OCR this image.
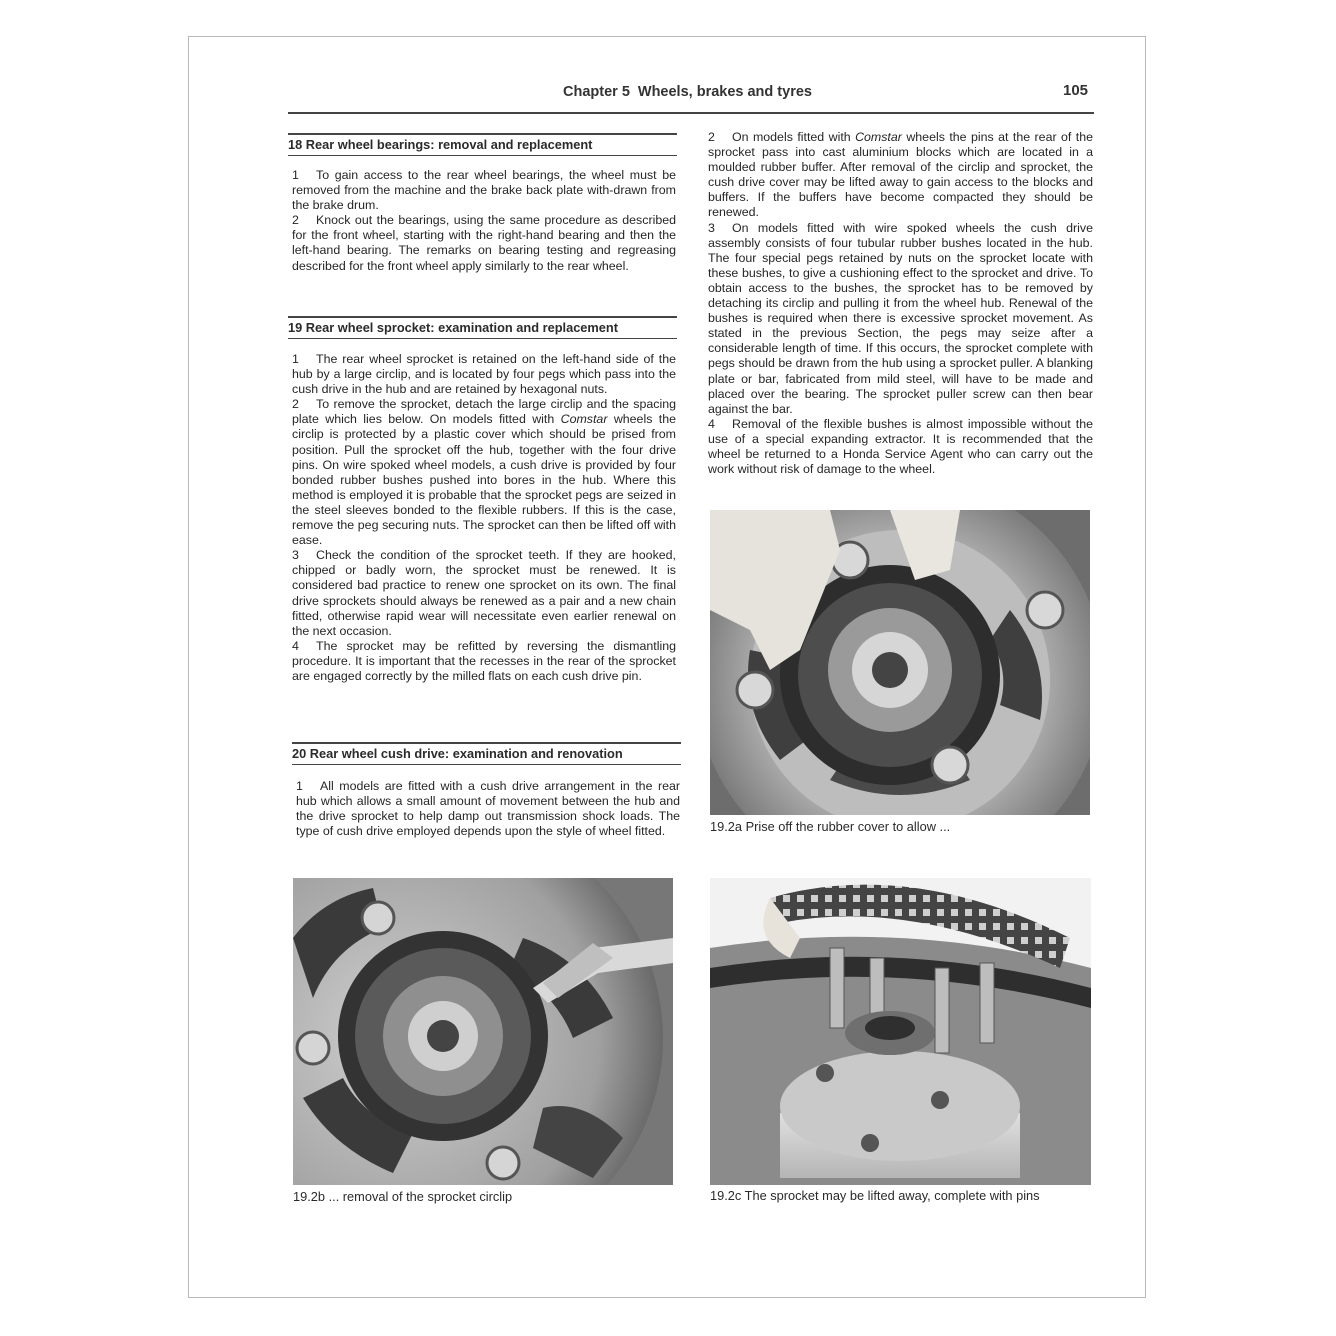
Chapter 5 Wheels, brakes and tyres	105
18 Rear wheel bearings: removal and replacement

1 To gain access to the rear wheel bearings, the wheel must be removed from the machine and the brake back plate with-drawn from the brake drum.

2 Knock out the bearings, using the same procedure as described for the front wheel, starting with the right-hand bearing and then the left-hand bearing. The remarks on bearing testing and regreasing described for the front wheel apply similarly to the rear wheel.

19 Rear wheel sprocket: examination and replacement

1 The rear wheel sprocket is retained on the left-hand side of the hub by a large circlip, and is located by four pegs which pass into the cush drive in the hub and are retained by hexagonal nuts.

2 To remove the sprocket, detach the large circlip and the spacing plate which lies below. On models fitted with Comstar wheels the circlip is protected by a plastic cover which should be prised from position. Pull the sprocket off the hub, together with the four drive pins. On wire spoked wheel models, a cush drive is provided by four bonded rubber bushes pushed into bores in the hub. Where this method is employed it is probable that the sprocket pegs are seized in the steel sleeves bonded to the flexible rubbers. If this is the case, remove the peg securing nuts. The sprocket can then be lifted off with ease.

3 Check the condition of the sprocket teeth. If they are hooked, chipped or badly worn, the sprocket must be renewed. It is considered bad practice to renew one sprocket on its own. The final drive sprockets should always be renewed as a pair and a new chain fitted, otherwise rapid wear will necessitate even earlier renewal on the next occasion.

4 The sprocket may be refitted by reversing the dismantling procedure. It is important that the recesses in the rear of the sprocket are engaged correctly by the milled flats on each cush drive pin.

20 Rear wheel cush drive: examination and renovation

1 All models are fitted with a cush drive arrangement in the rear hub which allows a small amount of movement between the hub and the drive sprocket to help damp out transmission shock loads. The type of cush drive employed depends upon the style of wheel fitted.

2 On models fitted with Comstar wheels the pins at the rear of the sprocket pass into cast aluminium blocks which are located in a moulded rubber buffer. After removal of the circlip and sprocket, the cush drive cover may be lifted away to gain access to the blocks and buffers. If the buffers have become compacted they should be renewed.

3 On models fitted with wire spoked wheels the cush drive assembly consists of four tubular rubber bushes located in the hub. The four special pegs retained by nuts on the sprocket locate with these bushes, to give a cushioning effect to the sprocket and drive. To obtain access to the bushes, the sprocket has to be removed by detaching its circlip and pulling it from the wheel hub. Renewal of the bushes is required when there is excessive sprocket movement. As stated in the previous Section, the pegs may seize after a considerable length of time. If this occurs, the sprocket complete with pegs should be drawn from the hub using a sprocket puller. A blanking plate or bar, fabricated from mild steel, will have to be made and placed over the bearing. The sprocket puller screw can then bear against the bar.

4 Removal of the flexible bushes is almost impossible without the use of a special expanding extractor. It is recommended that the wheel be returned to a Honda Service Agent who can carry out the work without risk of damage to the wheel.

19.2a Prise off the rubber cover to allow ...
19.2b ... removal of the sprocket circlip	19.2c The sprocket may be lifted away, complete with pins
